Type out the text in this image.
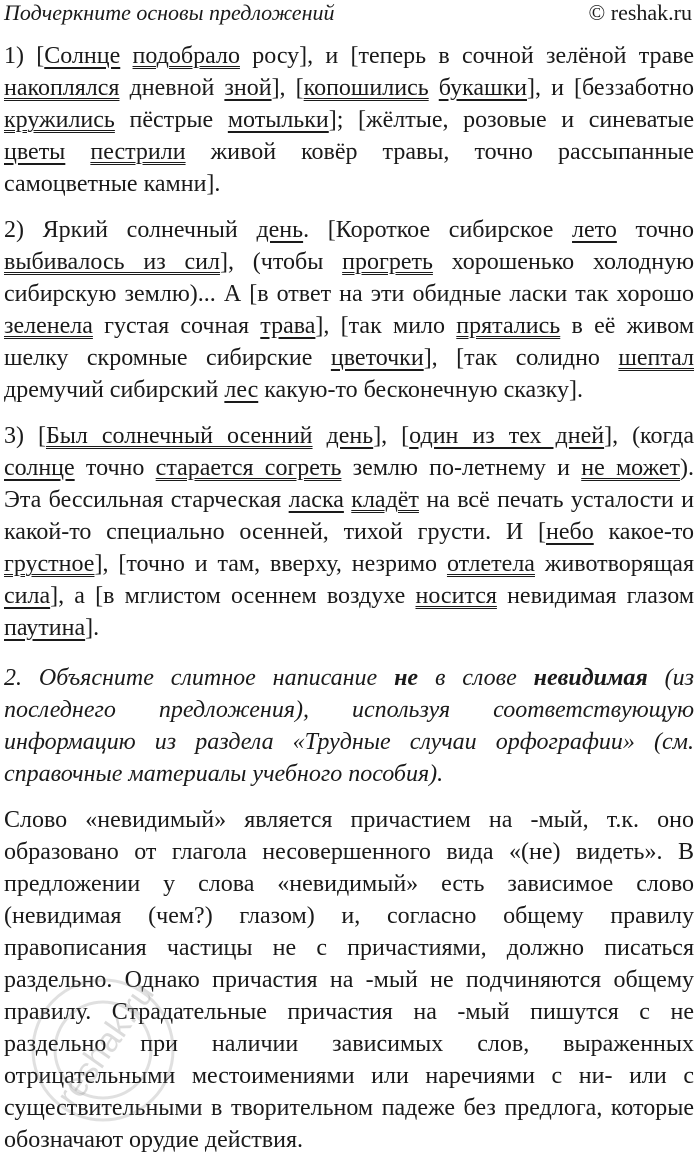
Подчеркните основы предложений	© reshak.ru

1) [Солнце подобрало росу], и [теперь в сочной зелёной траве накоплялся дневной зной], [копошились букашки], и [беззаботно кружились пёстрые мотыльки]; [жёлтые, розовые и синеватые цветы пестрили живой ковёр травы, точно рассыпанные самоцветные камни].

2) Яркий солнечный день. [Короткое сибирское лето точно выбивалось из сил], (чтобы прогреть хорошенько холодную сибирскую землю)... А [в ответ на эти обидные ласки так хорошо зеленела густая сочная трава], [так мило прятались в её живом шелку скромные сибирские цветочки], [так солидно шептал дремучий сибирский лес какую-то бесконечную сказку].

3) [Был солнечный осенний день], [один из тех дней], (когда солнце точно старается согреть землю по-летнему и не может). Эта бессильная старческая ласка кладёт на всё печать усталости и какой-то специально осенней, тихой грусти. И [небо какое-то грустное], [точно и там, вверху, незримо отлетела животворящая сила], а [в мглистом осеннем воздухе носится невидимая глазом паутина].

2. Объясните слитное написание не в слове невидимая (из последнего предложения), используя соответствующую информацию из раздела «Трудные случаи орфографии» (см. справочные материалы учебного пособия).

Слово «невидимый» является причастием на -мый, т.к. оно образовано от глагола несовершенного вида «(не) видеть». В предложении у слова «невидимый» есть зависимое слово (невидимая (чем?) глазом) и, согласно общему правилу правописания частицы не с причастиями, должно писаться раздельно. Однако причастия на -мый не подчиняются общему правилу. Страдательные причастия на -мый пишутся с не раздельно при наличии зависимых слов, выраженных отрицательными местоимениями или наречиями с ни- или с существительными в творительном падеже без предлога, которые обозначают орудие действия.

reshak.ru
